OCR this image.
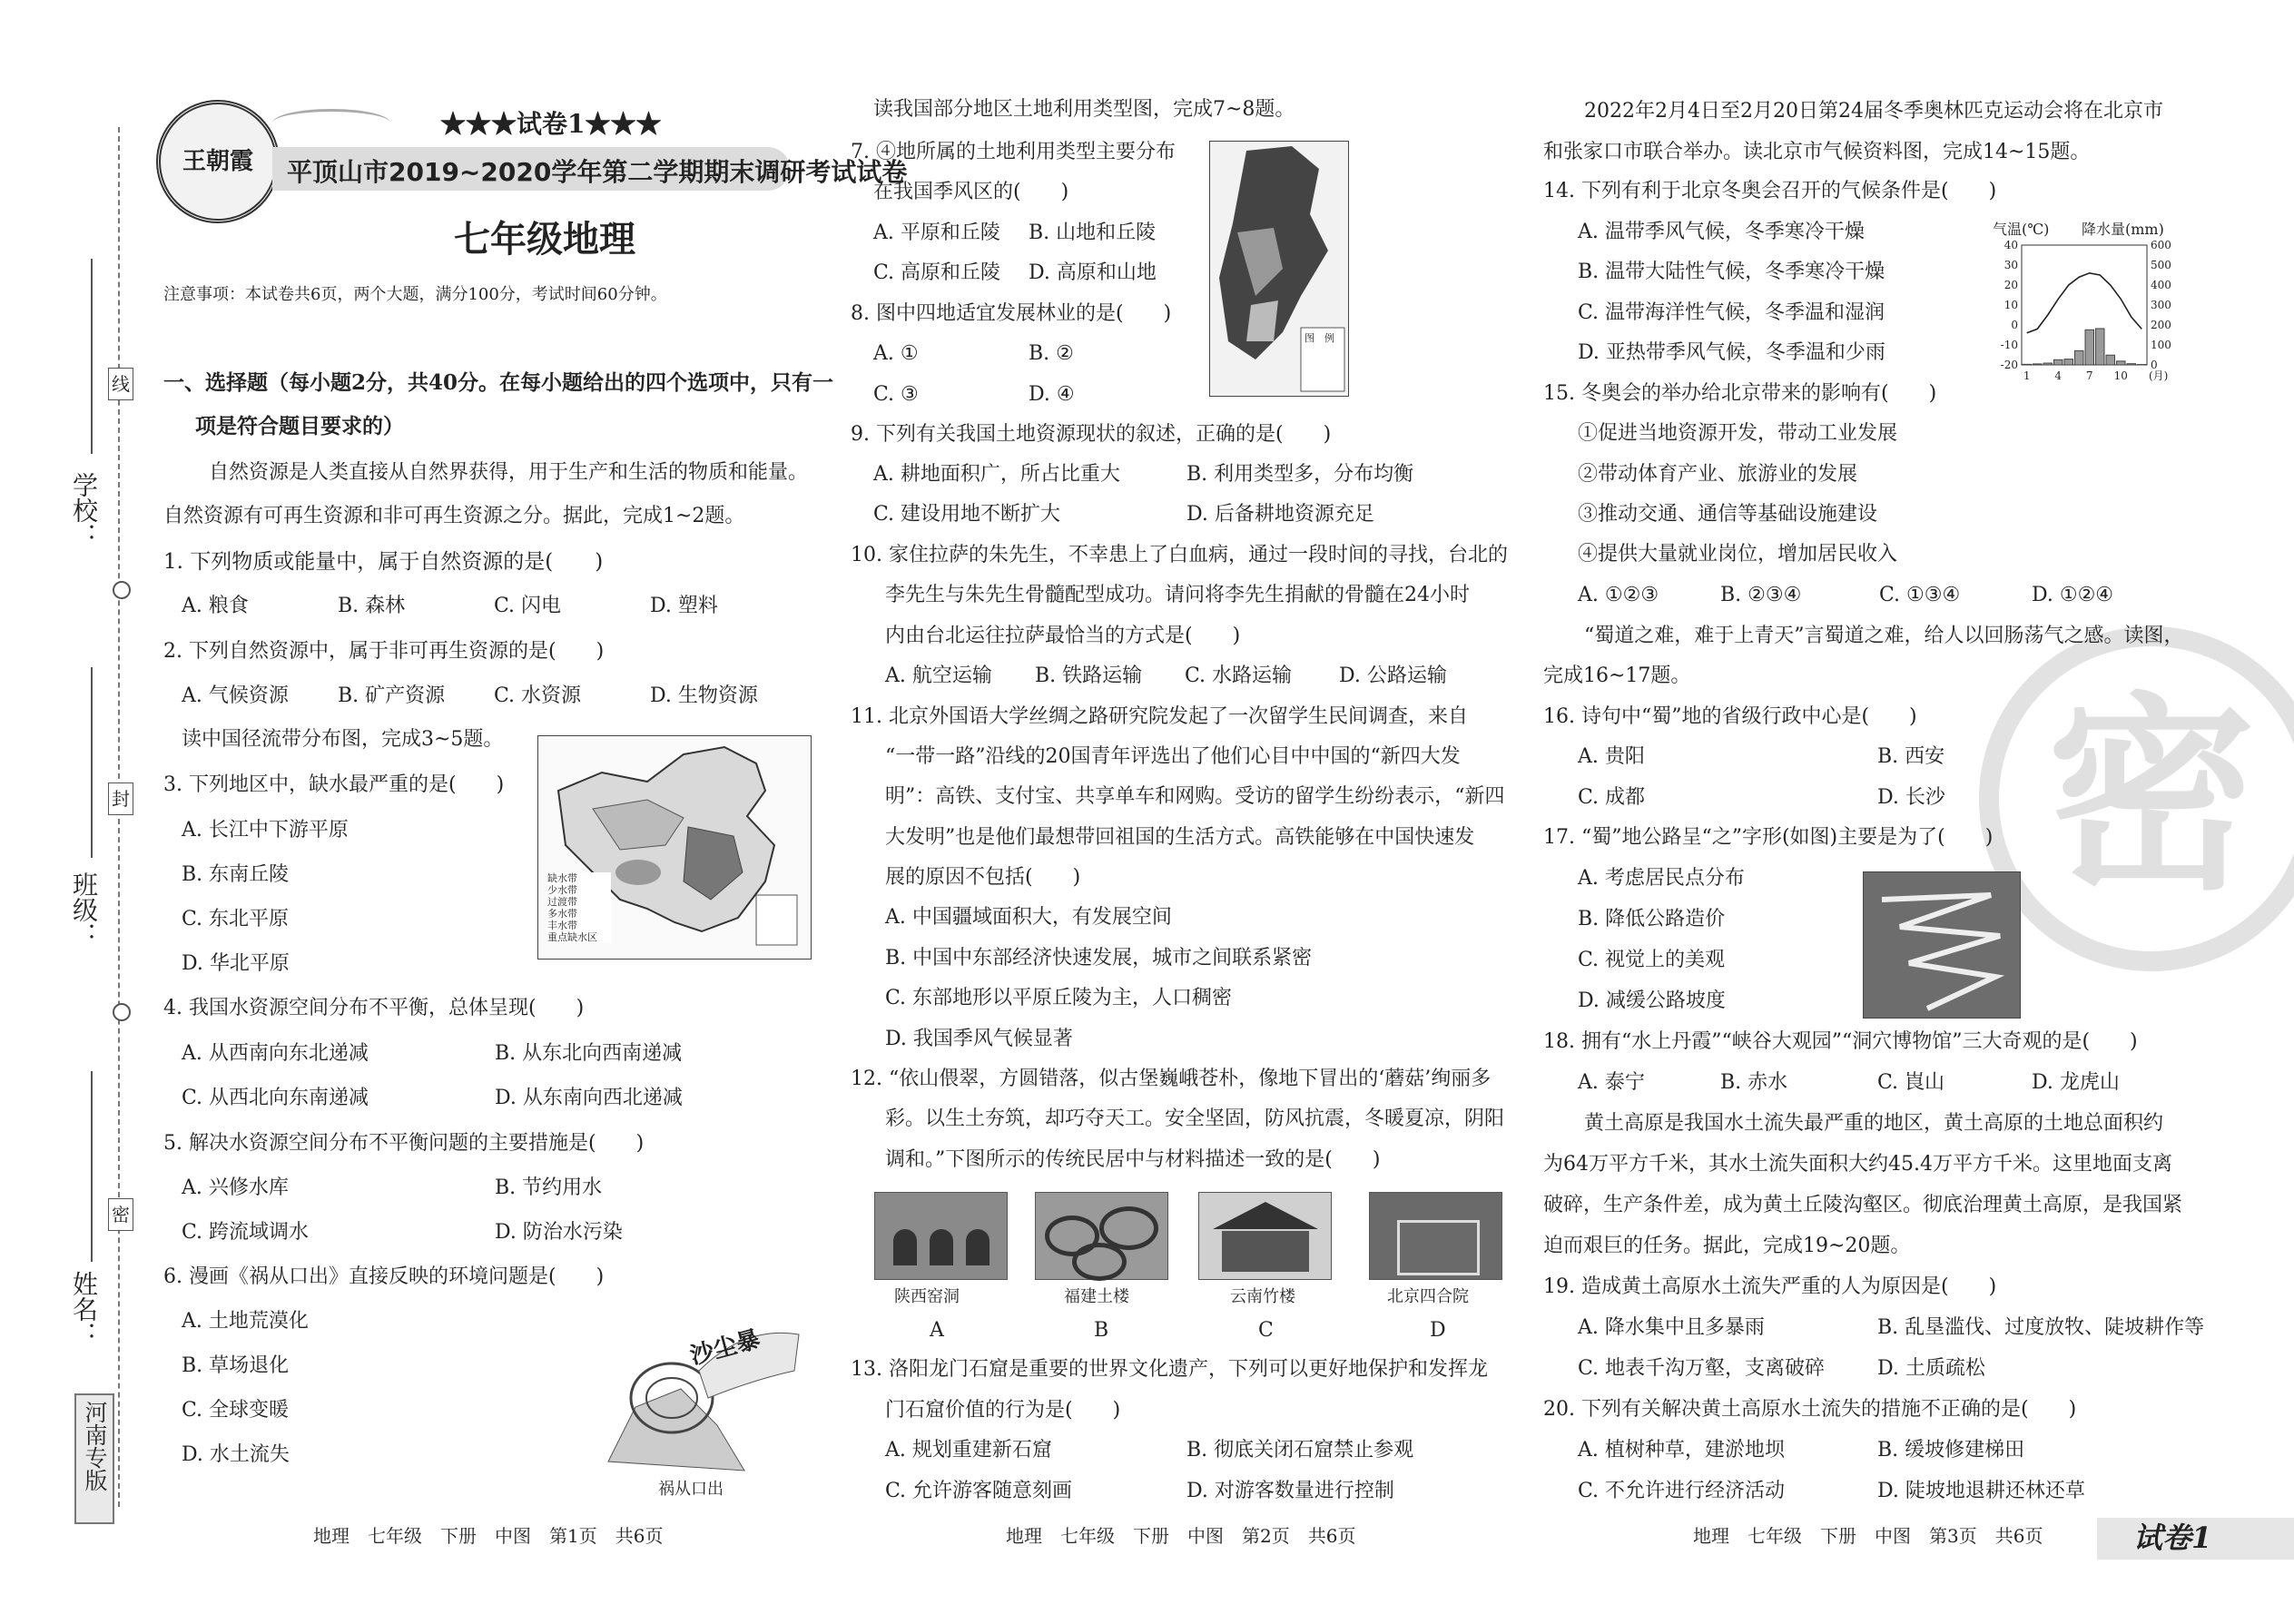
学校：
班级：
姓名：
线
封
密
河南专版
王朝霞
★★★试卷1★★★
平顶山市2019~2020学年第二学期期末调研考试试卷
七年级地理
注意事项：本试卷共6页，两个大题，满分100分，考试时间60分钟。
一、选择题（每小题2分，共40分。在每小题给出的四个选项中，只有一
项是符合题目要求的）
自然资源是人类直接从自然界获得，用于生产和生活的物质和能量。
自然资源有可再生资源和非可再生资源之分。据此，完成1~2题。
1. 下列物质或能量中，属于自然资源的是(　　)
A. 粮食	B. 森林	C. 闪电	D. 塑料
2. 下列自然资源中，属于非可再生资源的是(　　)
A. 气候资源 B. 矿产资源 C. 水资源	D. 生物资源
读中国径流带分布图，完成3~5题。
3. 下列地区中，缺水最严重的是(　　)
A. 长江中下游平原
B. 东南丘陵
C. 东北平原
D. 华北平原
缺水带
少水带
过渡带
多水带
丰水带
重点缺水区
4. 我国水资源空间分布不平衡，总体呈现(　　)
A. 从西南向东北递减	B. 从东北向西南递减
C. 从西北向东南递减	D. 从东南向西北递减
5. 解决水资源空间分布不平衡问题的主要措施是(　　)
A. 兴修水库	B. 节约用水
C. 跨流域调水	D. 防治水污染
6. 漫画《祸从口出》直接反映的环境问题是(　　)
A. 土地荒漠化
B. 草场退化
C. 全球变暖
D. 水土流失
沙尘暴
祸从口出
地理　七年级　下册　中图　第1页　共6页
读我国部分地区土地利用类型图，完成7~8题。
7. ④地所属的土地利用类型主要分布
在我国季风区的(　　)
A. 平原和丘陵 B. 山地和丘陵
C. 高原和丘陵 D. 高原和山地
8. 图中四地适宜发展林业的是(　　)
A. ①	B. ②
C. ③	D. ④
图　例
9. 下列有关我国土地资源现状的叙述，正确的是(　　)
A. 耕地面积广，所占比重大	B. 利用类型多，分布均衡
C. 建设用地不断扩大	D. 后备耕地资源充足
10. 家住拉萨的朱先生，不幸患上了白血病，通过一段时间的寻找，台北的
李先生与朱先生骨髓配型成功。请问将李先生捐献的骨髓在24小时
内由台北运往拉萨最恰当的方式是(　　)
A. 航空运输 B. 铁路运输 C. 水路运输 D. 公路运输
11. 北京外国语大学丝绸之路研究院发起了一次留学生民间调查，来自
“一带一路”沿线的20国青年评选出了他们心目中中国的“新四大发
明”：高铁、支付宝、共享单车和网购。受访的留学生纷纷表示，“新四
大发明”也是他们最想带回祖国的生活方式。高铁能够在中国快速发
展的原因不包括(　　)
A. 中国疆域面积大，有发展空间
B. 中国中东部经济快速发展，城市之间联系紧密
C. 东部地形以平原丘陵为主，人口稠密
D. 我国季风气候显著
12. “依山偎翠，方圆错落，似古堡巍峨苍朴，像地下冒出的‘蘑菇’绚丽多
彩。以生土夯筑，却巧夺天工。安全坚固，防风抗震，冬暖夏凉，阴阳
调和。”下图所示的传统民居中与材料描述一致的是(　　)
陕西窑洞	福建土楼	云南竹楼	北京四合院
A	B	C	D
13. 洛阳龙门石窟是重要的世界文化遗产，下列可以更好地保护和发挥龙
门石窟价值的行为是(　　)
A. 规划重建新石窟	B. 彻底关闭石窟禁止参观
C. 允许游客随意刻画	D. 对游客数量进行控制
地理　七年级　下册　中图　第2页　共6页
密
2022年2月4日至2月20日第24届冬季奥林匹克运动会将在北京市
和张家口市联合举办。读北京市气候资料图，完成14~15题。
14. 下列有利于北京冬奥会召开的气候条件是(　　)
A. 温带季风气候，冬季寒冷干燥
B. 温带大陆性气候，冬季寒冷干燥
C. 温带海洋性气候，冬季温和湿润
D. 亚热带季风气候，冬季温和少雨
气温(℃) 降水量(mm)
40
30
20
10
0
-10
-20
600
500
400
300
200
100
0
1 4 7 10 (月)
15. 冬奥会的举办给北京带来的影响有(　　)
①促进当地资源开发，带动工业发展
②带动体育产业、旅游业的发展
③推动交通、通信等基础设施建设
④提供大量就业岗位，增加居民收入
A. ①②③	B. ②③④	C. ①③④	D. ①②④
“蜀道之难，难于上青天”言蜀道之难，给人以回肠荡气之感。读图，
完成16~17题。
16. 诗句中“蜀”地的省级行政中心是(　　)
A. 贵阳	B. 西安
C. 成都	D. 长沙
17. “蜀”地公路呈“之”字形(如图)主要是为了(　　)
A. 考虑居民点分布
B. 降低公路造价
C. 视觉上的美观
D. 减缓公路坡度
18. 拥有“水上丹霞”“峡谷大观园”“洞穴博物馆”三大奇观的是(　　)
A. 泰宁	B. 赤水	C. 崀山	D. 龙虎山
黄土高原是我国水土流失最严重的地区，黄土高原的土地总面积约
为64万平方千米，其水土流失面积大约45.4万平方千米。这里地面支离
破碎，生产条件差，成为黄土丘陵沟壑区。彻底治理黄土高原，是我国紧
迫而艰巨的任务。据此，完成19~20题。
19. 造成黄土高原水土流失严重的人为原因是(　　)
A. 降水集中且多暴雨	B. 乱垦滥伐、过度放牧、陡坡耕作等
C. 地表千沟万壑，支离破碎	D. 土质疏松
20. 下列有关解决黄土高原水土流失的措施不正确的是(　　)
A. 植树种草，建淤地坝	B. 缓坡修建梯田
C. 不允许进行经济活动	D. 陡坡地退耕还林还草
地理　七年级　下册　中图　第3页　共6页	试卷1
